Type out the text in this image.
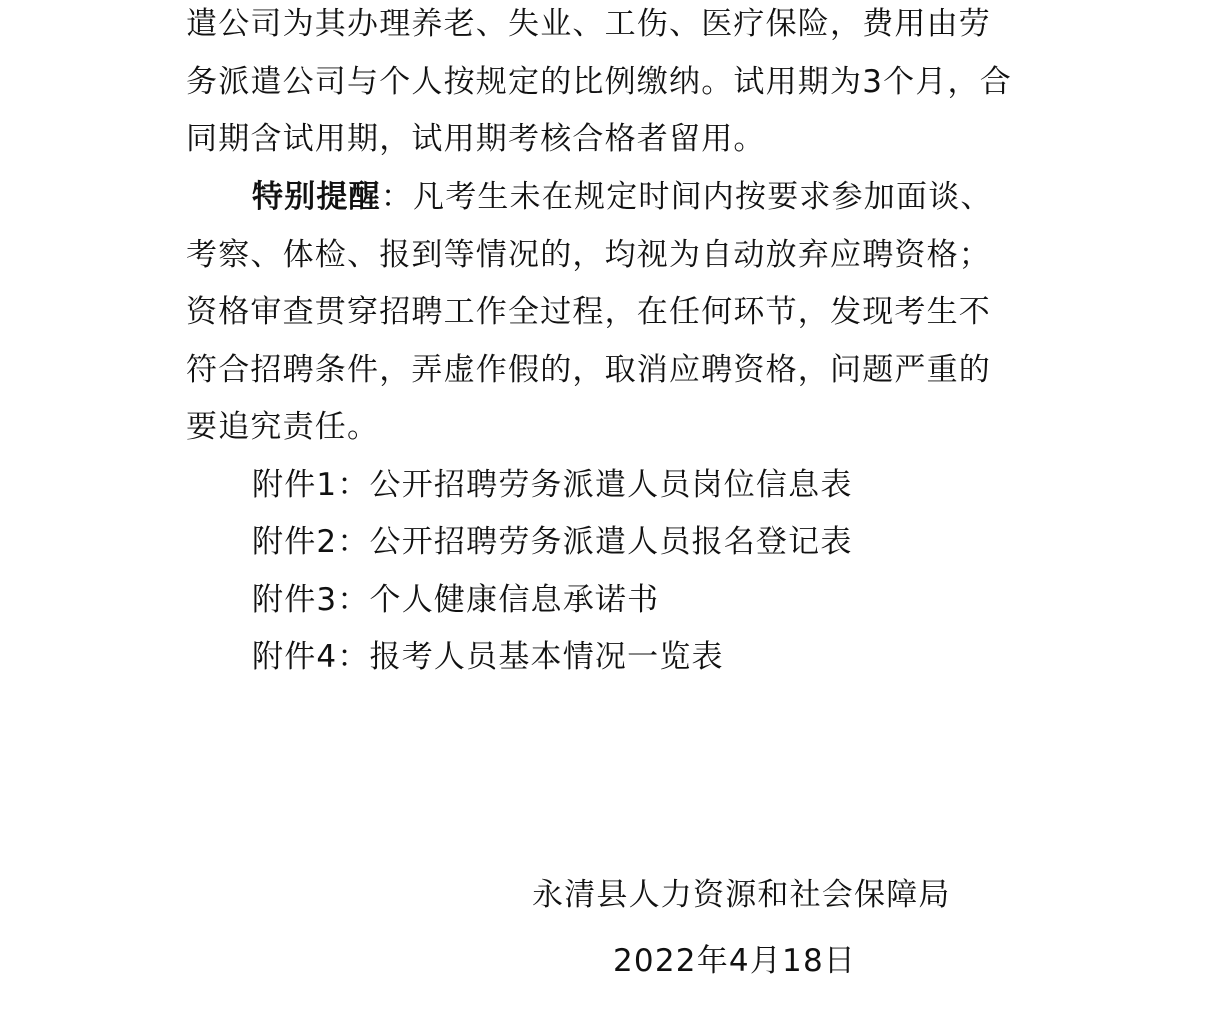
遣公司为其办理养老、失业、工伤、医疗保险，费用由劳
务派遣公司与个人按规定的比例缴纳。试用期为3个月，合
同期含试用期，试用期考核合格者留用。
特别提醒：凡考生未在规定时间内按要求参加面谈、
考察、体检、报到等情况的，均视为自动放弃应聘资格；
资格审查贯穿招聘工作全过程，在任何环节，发现考生不
符合招聘条件，弄虚作假的，取消应聘资格，问题严重的
要追究责任。
附件1：公开招聘劳务派遣人员岗位信息表
附件2：公开招聘劳务派遣人员报名登记表
附件3：个人健康信息承诺书
附件4：报考人员基本情况一览表
永清县人力资源和社会保障局
2022年4月18日
